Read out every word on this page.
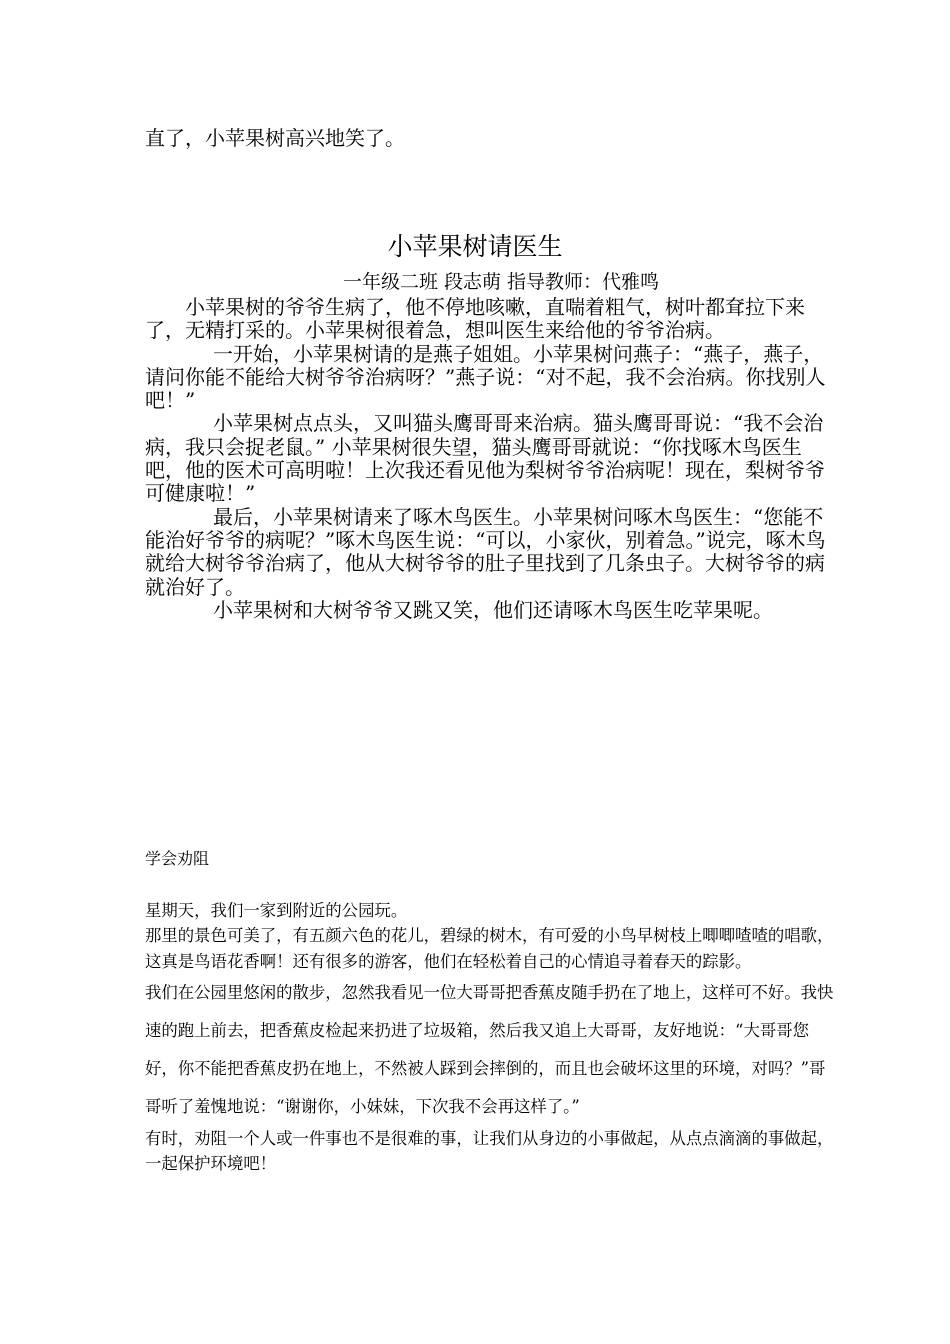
直了，小苹果树高兴地笑了。

小苹果树请医生
一年级二班 段志萌 指导教师：代雅鸣

小苹果树的爷爷生病了，他不停地咳嗽，直喘着粗气，树叶都耷拉下来了，无精打采的。小苹果树很着急，想叫医生来给他的爷爷治病。

一开始，小苹果树请的是燕子姐姐。小苹果树问燕子：“燕子，燕子，请问你能不能给大树爷爷治病呀？”燕子说：“对不起，我不会治病。你找别人吧！”

小苹果树点点头，又叫猫头鹰哥哥来治病。猫头鹰哥哥说：“我不会治病，我只会捉老鼠。” 小苹果树很失望，猫头鹰哥哥就说：“你找啄木鸟医生吧，他的医术可高明啦！上次我还看见他为梨树爷爷治病呢！现在，梨树爷爷可健康啦！”

最后，小苹果树请来了啄木鸟医生。小苹果树问啄木鸟医生：“您能不能治好爷爷的病呢？”啄木鸟医生说：“可以，小家伙，别着急。”说完，啄木鸟就给大树爷爷治病了，他从大树爷爷的肚子里找到了几条虫子。大树爷爷的病就治好了。

小苹果树和大树爷爷又跳又笑，他们还请啄木鸟医生吃苹果呢。

学会劝阻

星期天，我们一家到附近的公园玩。

那里的景色可美了，有五颜六色的花儿，碧绿的树木，有可爱的小鸟早树枝上唧唧喳喳的唱歌，这真是鸟语花香啊！还有很多的游客，他们在轻松着自己的心情追寻着春天的踪影。

我们在公园里悠闲的散步，忽然我看见一位大哥哥把香蕉皮随手扔在了地上，这样可不好。我快速的跑上前去，把香蕉皮检起来扔进了垃圾箱，然后我又追上大哥哥，友好地说：“大哥哥您好，你不能把香蕉皮扔在地上，不然被人踩到会摔倒的，而且也会破坏这里的环境，对吗？”哥哥听了羞愧地说：“谢谢你，小妹妹，下次我不会再这样了。”

有时，劝阻一个人或一件事也不是很难的事，让我们从身边的小事做起，从点点滴滴的事做起，一起保护环境吧！
